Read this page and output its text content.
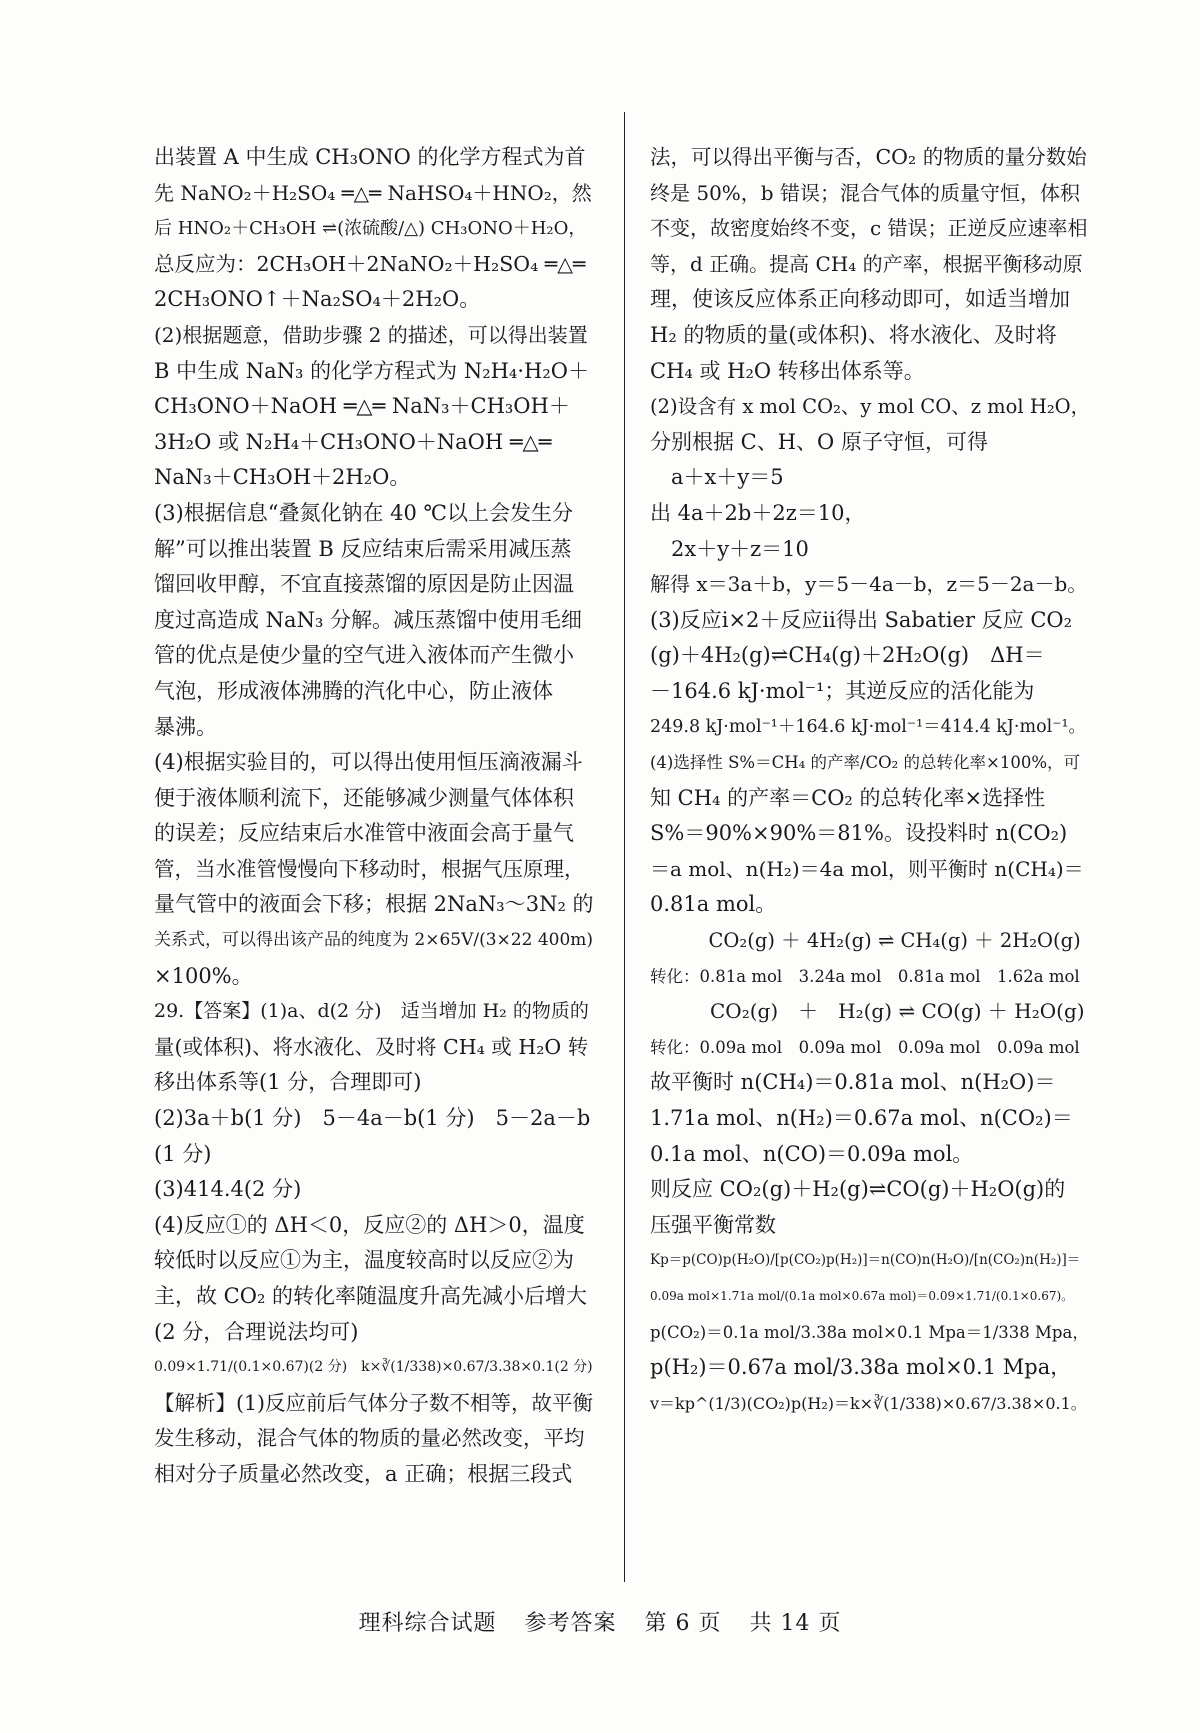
出装置 A 中生成 CH₃ONO 的化学方程式为首
先 NaNO₂＋H₂SO₄ ═△═ NaHSO₄＋HNO₂，然
后 HNO₂＋CH₃OH ⇌(浓硫酸/△) CH₃ONO＋H₂O，
总反应为：2CH₃OH＋2NaNO₂＋H₂SO₄ ═△═
2CH₃ONO↑＋Na₂SO₄＋2H₂O。
(2)根据题意，借助步骤 2 的描述，可以得出装置
B 中生成 NaN₃ 的化学方程式为 N₂H₄·H₂O＋
CH₃ONO＋NaOH ═△═ NaN₃＋CH₃OH＋
3H₂O 或 N₂H₄＋CH₃ONO＋NaOH ═△═
NaN₃＋CH₃OH＋2H₂O。
(3)根据信息“叠氮化钠在 40 ℃以上会发生分
解”可以推出装置 B 反应结束后需采用减压蒸
馏回收甲醇，不宜直接蒸馏的原因是防止因温
度过高造成 NaN₃ 分解。减压蒸馏中使用毛细
管的优点是使少量的空气进入液体而产生微小
气泡，形成液体沸腾的汽化中心，防止液体
暴沸。
(4)根据实验目的，可以得出使用恒压滴液漏斗
便于液体顺利流下，还能够减少测量气体体积
的误差；反应结束后水准管中液面会高于量气
管，当水准管慢慢向下移动时，根据气压原理，
量气管中的液面会下移；根据 2NaN₃～3N₂ 的
关系式，可以得出该产品的纯度为 2×65V/(3×22 400m)
×100%。
29.【答案】(1)a、d(2 分)　适当增加 H₂ 的物质的
量(或体积)、将水液化、及时将 CH₄ 或 H₂O 转
移出体系等(1 分，合理即可)
(2)3a＋b(1 分)　5－4a－b(1 分)　5－2a－b
(1 分)
(3)414.4(2 分)
(4)反应①的 ΔH＜0，反应②的 ΔH＞0，温度
较低时以反应①为主，温度较高时以反应②为
主，故 CO₂ 的转化率随温度升高先减小后增大
(2 分，合理说法均可)
0.09×1.71/(0.1×0.67)(2 分)　k×∛(1/338)×0.67/3.38×0.1(2 分)
【解析】(1)反应前后气体分子数不相等，故平衡
发生移动，混合气体的物质的量必然改变，平均
相对分子质量必然改变，a 正确；根据三段式
法，可以得出平衡与否，CO₂ 的物质的量分数始
终是 50%，b 错误；混合气体的质量守恒，体积
不变，故密度始终不变，c 错误；正逆反应速率相
等，d 正确。提高 CH₄ 的产率，根据平衡移动原
理，使该反应体系正向移动即可，如适当增加
H₂ 的物质的量(或体积)、将水液化、及时将
CH₄ 或 H₂O 转移出体系等。
(2)设含有 x mol CO₂、y mol CO、z mol H₂O，
分别根据 C、H、O 原子守恒，可得
　a＋x＋y＝5
出 4a＋2b＋2z＝10，
　2x＋y＋z＝10
解得 x＝3a＋b，y＝5－4a－b，z＝5－2a－b。
(3)反应ⅰ×2＋反应ⅱ得出 Sabatier 反应 CO₂
(g)＋4H₂(g)⇌CH₄(g)＋2H₂O(g)　ΔH＝
－164.6 kJ·mol⁻¹；其逆反应的活化能为
249.8 kJ·mol⁻¹＋164.6 kJ·mol⁻¹＝414.4 kJ·mol⁻¹。
(4)选择性 S%＝CH₄ 的产率/CO₂ 的总转化率×100%，可
知 CH₄ 的产率＝CO₂ 的总转化率×选择性
S%＝90%×90%＝81%。设投料时 n(CO₂)
＝a mol、n(H₂)＝4a mol，则平衡时 n(CH₄)＝
0.81a mol。
　　　CO₂(g) ＋ 4H₂(g) ⇌ CH₄(g) ＋ 2H₂O(g)
转化：0.81a mol　3.24a mol　0.81a mol　1.62a mol
　　　CO₂(g)　＋　H₂(g) ⇌ CO(g) ＋ H₂O(g)
转化：0.09a mol　0.09a mol　0.09a mol　0.09a mol
故平衡时 n(CH₄)＝0.81a mol、n(H₂O)＝
1.71a mol、n(H₂)＝0.67a mol、n(CO₂)＝
0.1a mol、n(CO)＝0.09a mol。
则反应 CO₂(g)＋H₂(g)⇌CO(g)＋H₂O(g)的
压强平衡常数
Kp＝p(CO)p(H₂O)/[p(CO₂)p(H₂)]＝n(CO)n(H₂O)/[n(CO₂)n(H₂)]＝
0.09a mol×1.71a mol/(0.1a mol×0.67a mol)＝0.09×1.71/(0.1×0.67)。
p(CO₂)＝0.1a mol/3.38a mol×0.1 Mpa＝1/338 Mpa，
p(H₂)＝0.67a mol/3.38a mol×0.1 Mpa，
v＝kp^(1/3)(CO₂)p(H₂)＝k×∛(1/338)×0.67/3.38×0.1。
理科综合试题 参考答案 第 6 页 共 14 页
